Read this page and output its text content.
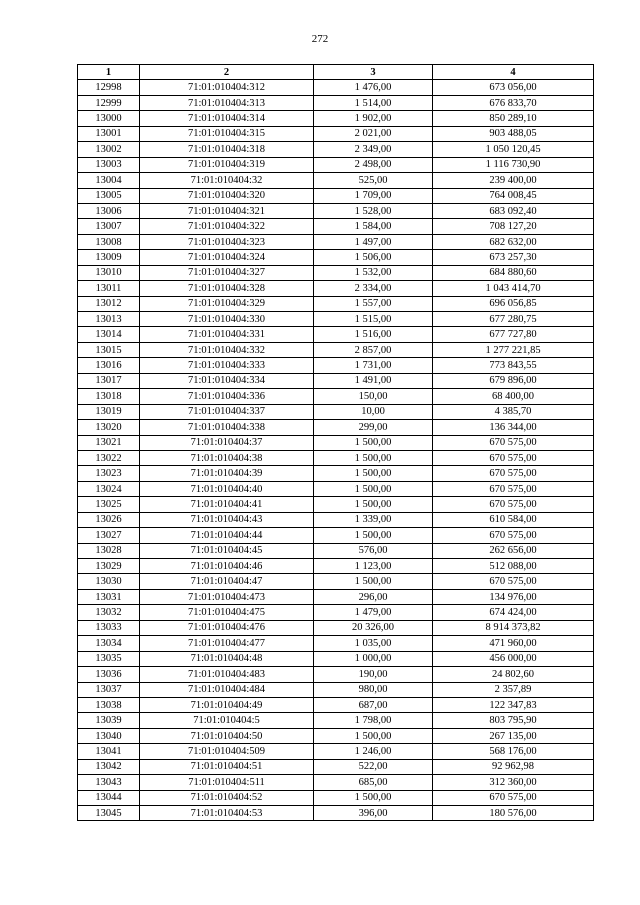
272
1	2	3	4
12998	71:01:010404:312	1 476,00	673 056,00
12999	71:01:010404:313	1 514,00	676 833,70
13000	71:01:010404:314	1 902,00	850 289,10
13001	71:01:010404:315	2 021,00	903 488,05
13002	71:01:010404:318	2 349,00	1 050 120,45
13003	71:01:010404:319	2 498,00	1 116 730,90
13004	71:01:010404:32	525,00	239 400,00
13005	71:01:010404:320	1 709,00	764 008,45
13006	71:01:010404:321	1 528,00	683 092,40
13007	71:01:010404:322	1 584,00	708 127,20
13008	71:01:010404:323	1 497,00	682 632,00
13009	71:01:010404:324	1 506,00	673 257,30
13010	71:01:010404:327	1 532,00	684 880,60
13011	71:01:010404:328	2 334,00	1 043 414,70
13012	71:01:010404:329	1 557,00	696 056,85
13013	71:01:010404:330	1 515,00	677 280,75
13014	71:01:010404:331	1 516,00	677 727,80
13015	71:01:010404:332	2 857,00	1 277 221,85
13016	71:01:010404:333	1 731,00	773 843,55
13017	71:01:010404:334	1 491,00	679 896,00
13018	71:01:010404:336	150,00	68 400,00
13019	71:01:010404:337	10,00	4 385,70
13020	71:01:010404:338	299,00	136 344,00
13021	71:01:010404:37	1 500,00	670 575,00
13022	71:01:010404:38	1 500,00	670 575,00
13023	71:01:010404:39	1 500,00	670 575,00
13024	71:01:010404:40	1 500,00	670 575,00
13025	71:01:010404:41	1 500,00	670 575,00
13026	71:01:010404:43	1 339,00	610 584,00
13027	71:01:010404:44	1 500,00	670 575,00
13028	71:01:010404:45	576,00	262 656,00
13029	71:01:010404:46	1 123,00	512 088,00
13030	71:01:010404:47	1 500,00	670 575,00
13031	71:01:010404:473	296,00	134 976,00
13032	71:01:010404:475	1 479,00	674 424,00
13033	71:01:010404:476	20 326,00	8 914 373,82
13034	71:01:010404:477	1 035,00	471 960,00
13035	71:01:010404:48	1 000,00	456 000,00
13036	71:01:010404:483	190,00	24 802,60
13037	71:01:010404:484	980,00	2 357,89
13038	71:01:010404:49	687,00	122 347,83
13039	71:01:010404:5	1 798,00	803 795,90
13040	71:01:010404:50	1 500,00	267 135,00
13041	71:01:010404:509	1 246,00	568 176,00
13042	71:01:010404:51	522,00	92 962,98
13043	71:01:010404:511	685,00	312 360,00
13044	71:01:010404:52	1 500,00	670 575,00
13045	71:01:010404:53	396,00	180 576,00
